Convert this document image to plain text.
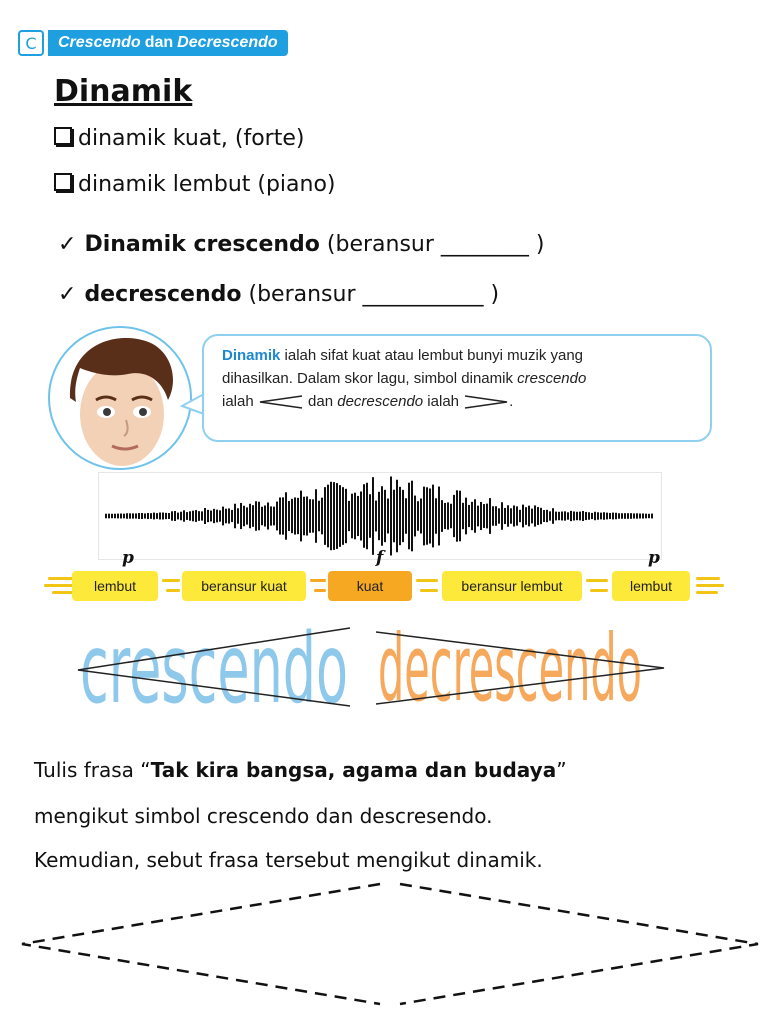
C	Crescendo dan Decrescendo
Dinamik
dinamik kuat, (forte)
dinamik lembut (piano)
✓ Dinamik crescendo (beransur ________ )
✓ decrescendo (beransur ___________ )
Dinamik ialah sifat kuat atau lembut bunyi muzik yang
dihasilkan. Dalam skor lagu, simbol dinamik crescendo
ialah	dan decrescendo ialah	.
p	f	p
lembut	beransur kuat	kuat	beransur lembut	lembut
crescendo decrescendo
Tulis frasa “Tak kira bangsa, agama dan budaya”
mengikut simbol crescendo dan descresendo.
Kemudian, sebut frasa tersebut mengikut dinamik.
